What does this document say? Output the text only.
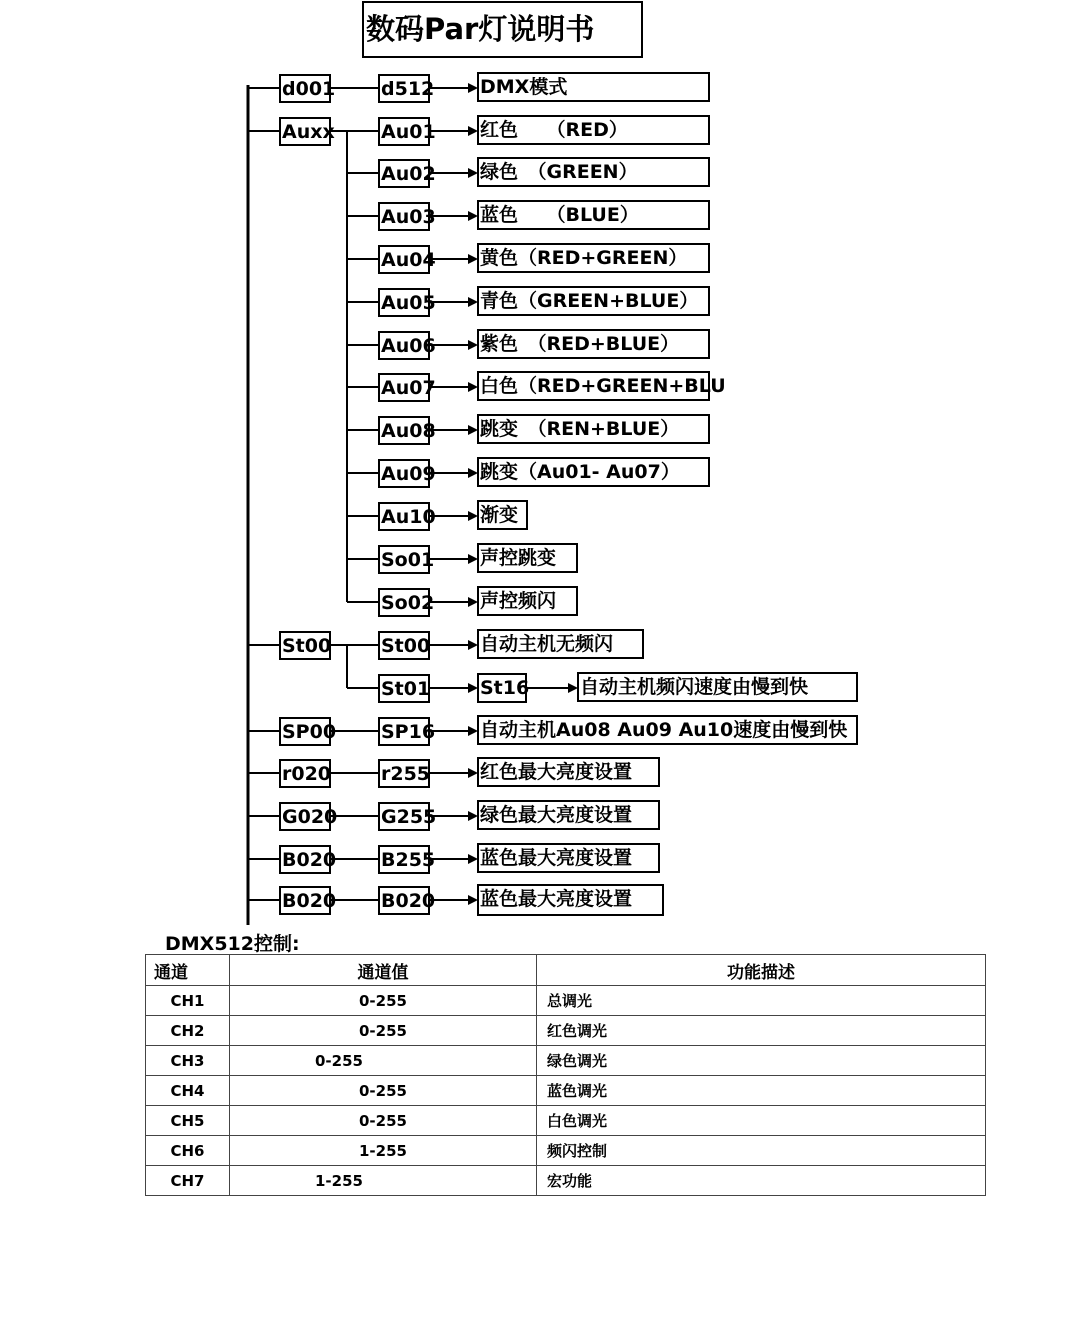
数码Par灯说明书
d001
Auxx
St00
SP00
r020
G020
B020
B020
d512
Au01
Au02
Au03
Au04
Au05
Au06
Au07
Au08
Au09
Au10
So01
So02
St00
St01
SP16
r255
G255
B255
B020
DMX模式
红色　　（RED）
绿色　（GREEN）
蓝色　　（BLUE）
黄色（RED+GREEN）
青色（GREEN+BLUE）
紫色　（RED+BLUE）
白色（RED+GREEN+BLU
跳变　（REN+BLUE）
跳变（Au01- Au07）
渐变
声控跳变
声控频闪
自动主机无频闪
St16	自动主机频闪速度由慢到快
自动主机Au08 Au09 Au10速度由慢到快
红色最大亮度设置
绿色最大亮度设置
蓝色最大亮度设置
蓝色最大亮度设置
DMX512控制:
通道	通道值	功能描述
CH1	0-255	总调光
CH2	0-255	红色调光
CH3	0-255	绿色调光
CH4	0-255	蓝色调光
CH5	0-255	白色调光
CH6	1-255	频闪控制
CH7	1-255	宏功能
